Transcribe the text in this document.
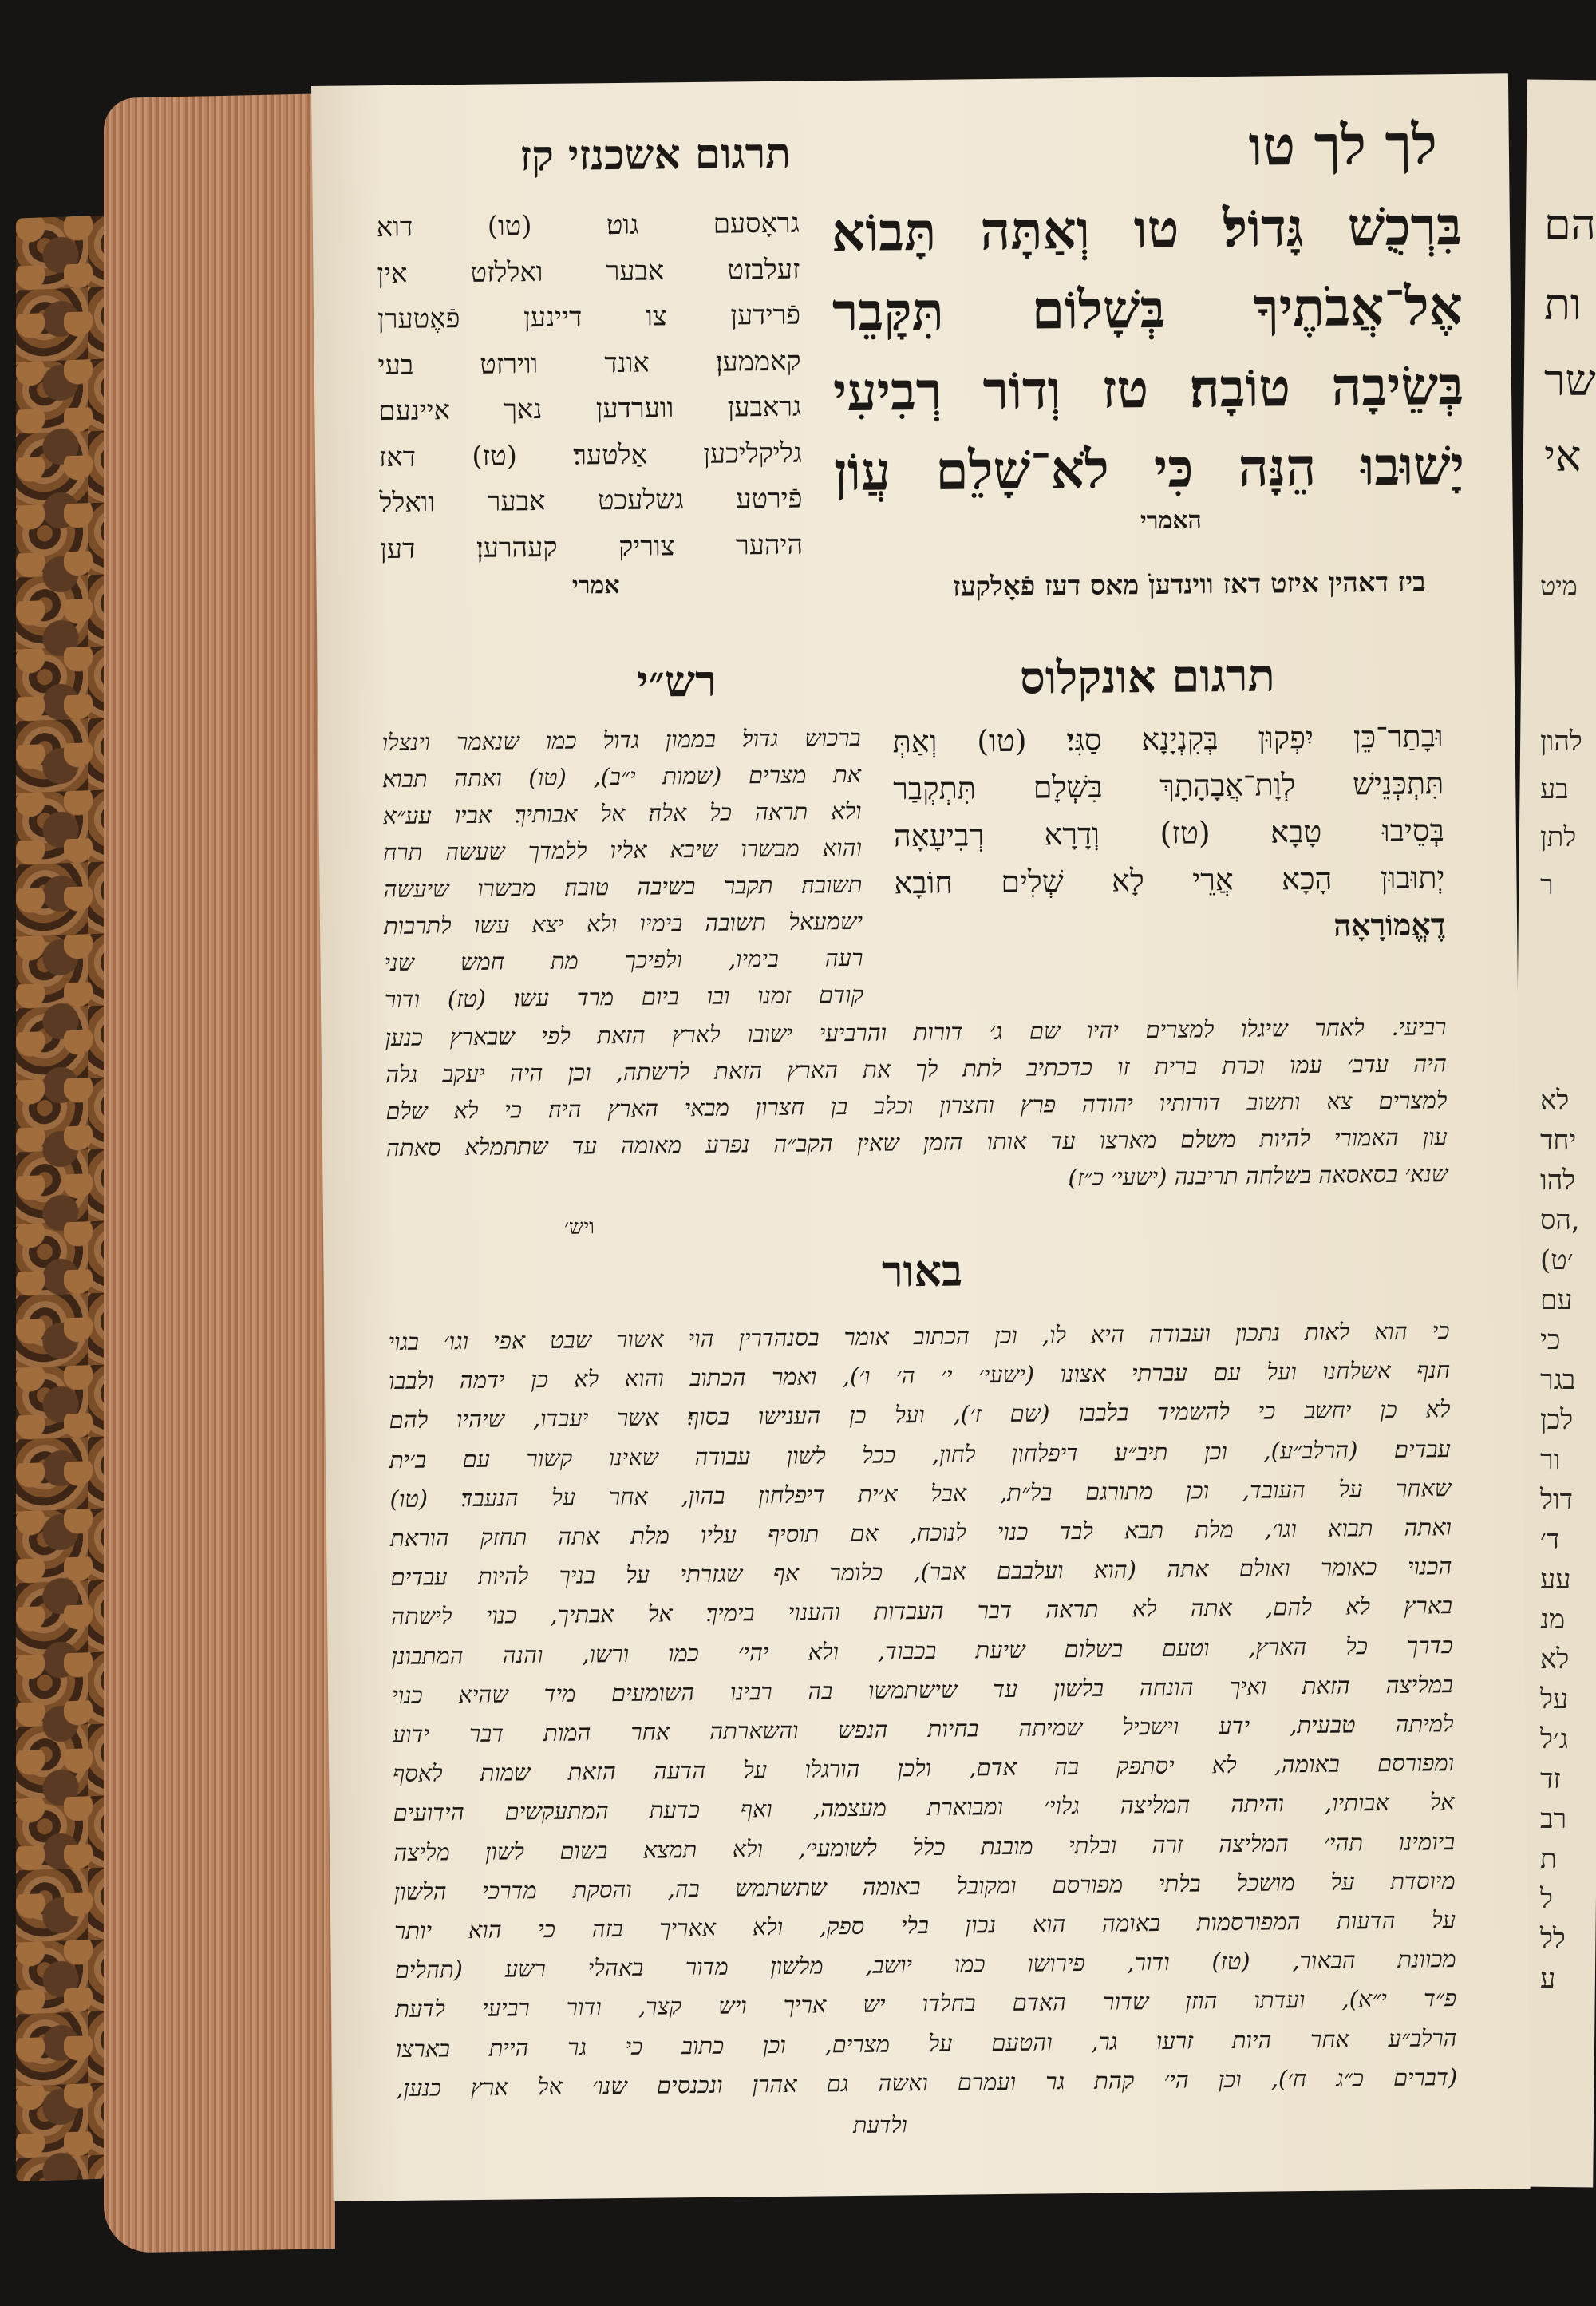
הם
ות
שר
אי
מיט
להון
בע
לתן
ר
לא
יחד
להו
הס,
(׳ט
עם
כי
בגר
לכן
ור
דול
ד׳
עע
מנ
לא
על
ג׳ל
זד
רב
ת
ל
לל
ע
לך לך טו
תרגום אשכנזי קז
בִּרְכֻשׁ גָּדוֹל׃ טו וְאַתָּה תָּבוֹא
אֶל־אֲבֹתֶיךָ בְּשָׁלוֹם תִּקָּבֵר
בְּשֵׂיבָה טוֹבָה׃ טז וְדוֹר רְבִיעִי
יָשׁוּבוּ הֵנָּה כִּי לֹא־שָׁלֵם עֲוֹן
האמרי
גראָסעם גוט׃ (טו) דוא
זעלבזט אבער ואללזט אין
פֿרידען צו דיינען פֿאֶטערן
קאממען׃ אונד ווירזט בעי
גראבען ווערדען נאך איינעם
גליקליכען אַלטער׃ (טז) דאז
פֿירטע גשלעכט אבער וואלל
היהער צוריק קעהרען׃ דען
אמרי	ביז דאהין איזט דאז ווינדעןֹ מאס דעז פֿאָלקעז
תרגום אונקלוס
וּבָתַר־כֵּן יִפְקוּן בְּקִנְיָנָא סַגִּי׃ (טו) וְאַתְּ
תִּתְכְּנֵישׁ לְוָת־אֲבָהָתָךְ בִּשְׁלָם תִּתְקְבַר
בְּסֵיבוּ טָבָא׃ (טז) וְדָרָא רְבִיעָאָה
יְתוּבוּן הָכָא אֲרֵי לָא שְׁלִים חוֹבָא
דֶאֱמוֹרָאָה
רש״י
ברכוש גדול׃ בממון גדול כמו שנאמר וינצלו
את מצרים (שמות י״ב), (טו) ואתה תבוא׃
ולא תראה כל אלה׃ אל אבותיך׃ אביו עע״א
והוא מבשרו שיבא אליו ללמדך שעשה תרח
תשובה׃ תקבר בשיבה טובה׃ מבשרו שיעשה
ישמעאל תשובה בימיו ולא יצא עשו לתרבות
רעה בימיו, ולפיכך מת חמש שני
קודם זמנו ובו ביום מרד עשו׃ (טז) ודור
רביעי. לאחר שיגלו למצרים יהיו שם ג׳ דורות והרביעי ישובו לארץ הזאת לפי שבארץ כנען
היה עדב׳ עמו וכרת ברית זו כדכתיב לתת לך את הארץ הזאת לרשתה, וכן היה יעקב גלה
למצרים צא ותשוב דורותיו יהודה פרץ וחצרון וכלב בן חצרון מבאי הארץ היה׃ כי לא שלם
עון האמורי להיות משלם מארצו עד אותו הזמן שאין הקב״ה נפרע מאומה עד שתתמלא סאתה
שנא׳ בסאסאה בשלחה תריבנה (ישעי׳ כ״ז)׃
ויש׳
באור
כי הוא לאות נתכון ועבודה היא לו, וכן הכתוב אומר בסנהדרין הוי אשור שבט אפי וגו׳ בגוי
חנף אשלחנו ועל עם עברתי אצונו (ישעי׳ י׳ ה׳ ו׳), ואמר הכתוב והוא לא כן ידמה ולבבו
לא כן יחשב כי להשמיד בלבבו (שם ז׳), ועל כן הענישו בסוף׃ אשר יעבדו, שיהיו להם
עבדים׃ (הרלב״ע), וכן תיב״ע דיפלחון לחון, ככל לשון עבודה שאינו קשור עם ב׳ית
שאחר על העובד, וכן מתורגם בל״ת, אבל א׳ית דיפלחון בהון, אחר על הנעבד׃ (טו)
ואתה תבוא וגו׳, מלת תבא לבד כנוי לנוכח, אם תוסיף עליו מלת אתה תחזק הוראת
הכנוי כאומר ואולם אתה (הוא ועלבבם אבר), כלומר אף שגזרתי על בניך להיות עבדים
בארץ לא להם, אתה לא תראה דבר העבדות והענוי בימיך׃ אל אבתיך, כנוי לישתה
כדרך כל הארץ, וטעם בשלום שיעת בכבוד, ולא יהי׳ כמו ורשו, והנה המתבונן
במליצה הזאת ואיך הונחה בלשון עד שישתמשו בה רבינו השומעים מיד שהיא כנוי
למיתה טבעית, ידע וישכיל שמיתה בחיות הנפש והשארתה אחר המות דבר ידוע
ומפורסם באומה, לא יסתפק בה אדם, ולכן הורגלו על הדעה הזאת שמות לאסף
אל אבותיו, והיתה המליצה גלוי׳ ומבוארת מעצמה, ואף כדעת המתעקשים הידועים
ביומינו תהי׳ המליצה זרה ובלתי מובנת כלל לשומעי׳, ולא תמצא בשום לשון מליצה
מיוסדת על מושכל בלתי מפורסם ומקובל באומה שתשתמש בה, והסקת מדרכי הלשון
על הדעות המפורסמות באומה הוא נכון בלי ספק, ולא אאריך בזה כי הוא יותר
מכוונת הבאור, (טז) ודור, פירושו כמו יושב, מלשון מדור באהלי רשע (תהלים
פ״ד י״א), ועדתו הוזן שדור האדם בחלדו יש אריך ויש קצר, ודור רביעי לדעת
הרלב״ע אחר היות זרעו גר, והטעם על מצרים, וכן כתוב כי גר היית בארצו
(דברים כ״ג ח׳), וכן הי׳ קהת גר ועמרם ואשה גם אהרן ונכנסים שנו׳ אל ארץ כנען,
ולדעת
